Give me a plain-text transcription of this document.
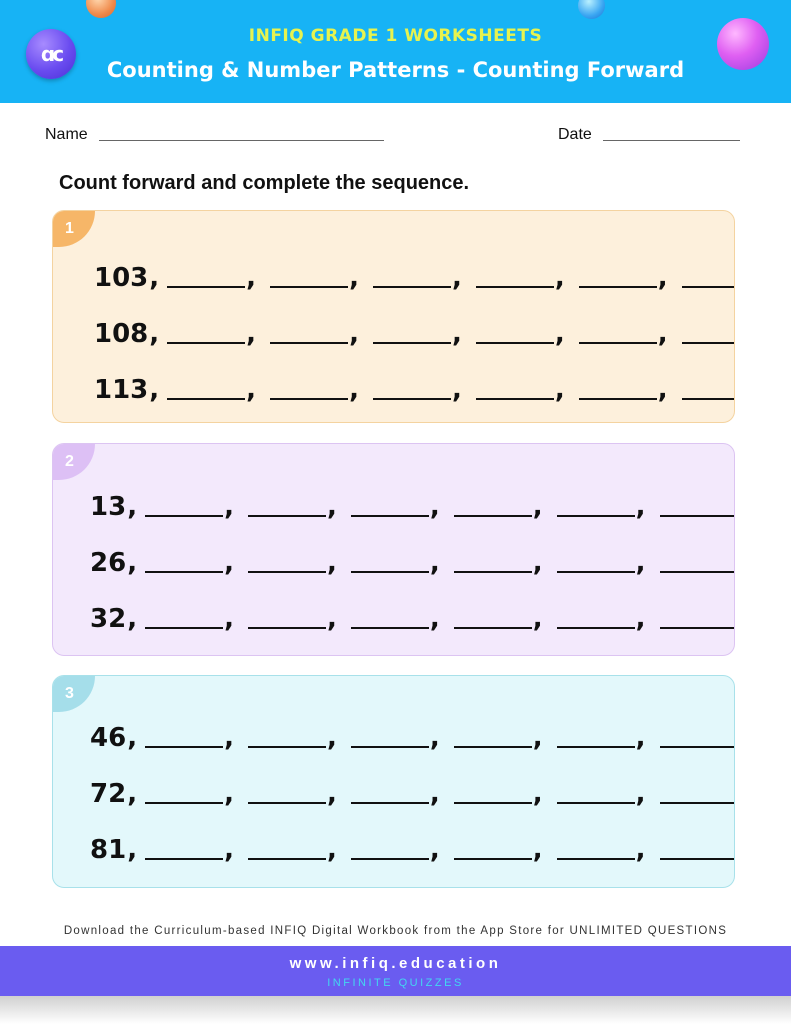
ɑc
INFIQ GRADE 1 WORKSHEETS
Counting & Number Patterns - Counting Forward
Name	Date
Count forward and complete the sequence.
1
103 ,	,	,	,	,	,
108 ,	,	,	,	,	,
113 ,	,	,	,	,	,
2
13 ,	,	,	,	,	,
26 ,	,	,	,	,	,
32 ,	,	,	,	,	,
3
46 ,	,	,	,	,	,
72 ,	,	,	,	,	,
81 ,	,	,	,	,	,
Download the Curriculum-based INFIQ Digital Workbook from the App Store for UNLIMITED QUESTIONS
www.infiq.education
INFINITE QUIZZES
